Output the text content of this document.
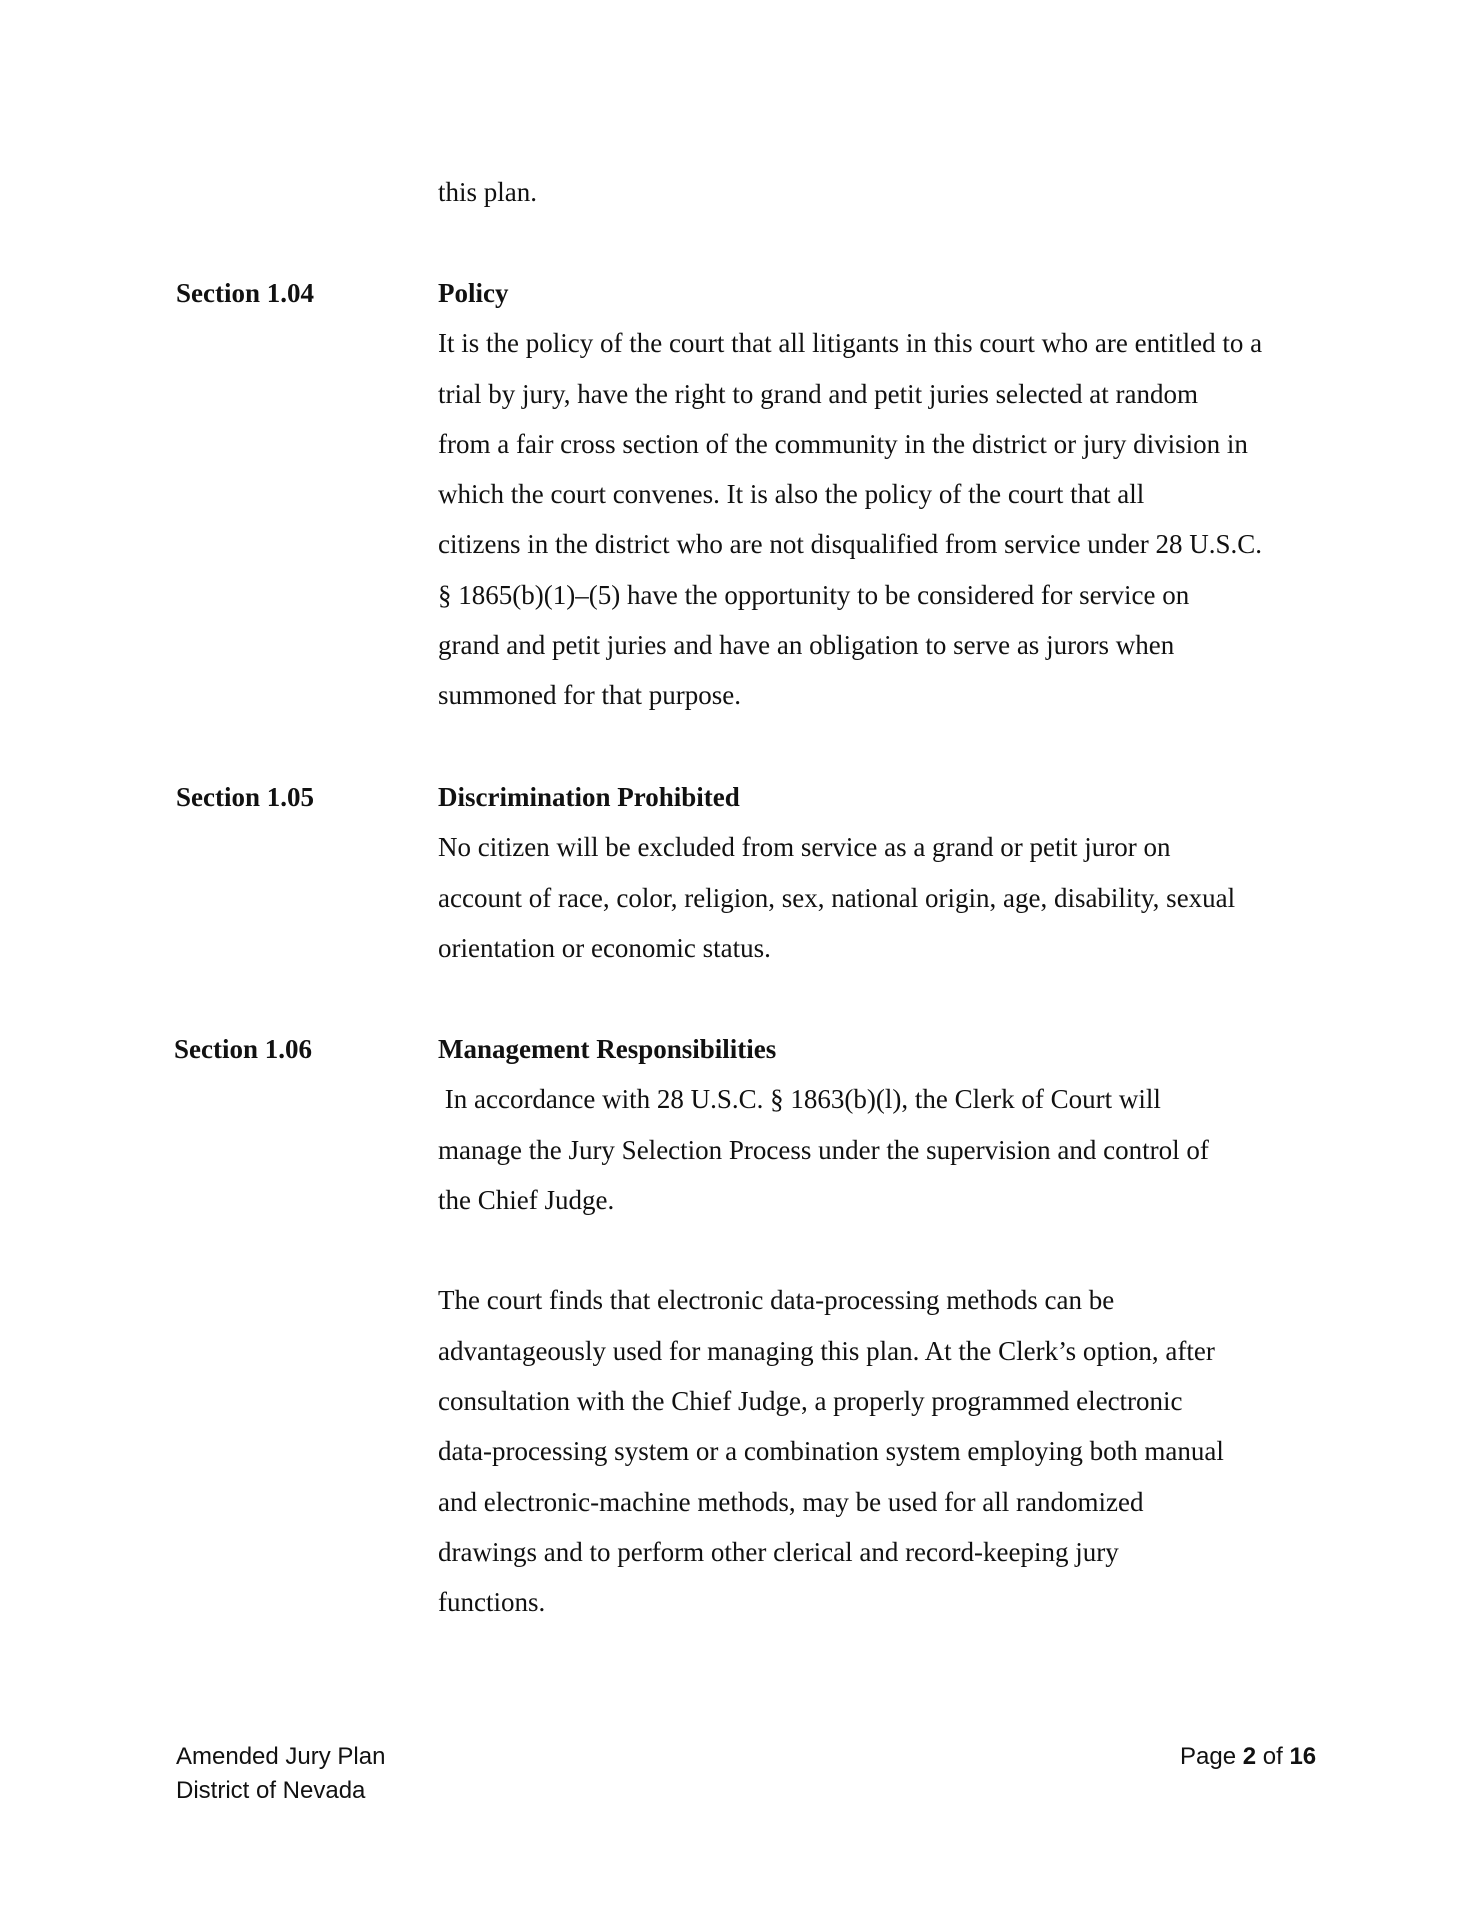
this plan.
Section 1.04	Policy
It is the policy of the court that all litigants in this court who are entitled to a
trial by jury, have the right to grand and petit juries selected at random
from a fair cross section of the community in the district or jury division in
which the court convenes. It is also the policy of the court that all
citizens in the district who are not disqualified from service under 28 U.S.C.
§ 1865(b)(1)–(5) have the opportunity to be considered for service on
grand and petit juries and have an obligation to serve as jurors when
summoned for that purpose.
Section 1.05	Discrimination Prohibited
No citizen will be excluded from service as a grand or petit juror on
account of race, color, religion, sex, national origin, age, disability, sexual
orientation or economic status.
Section 1.06	Management Responsibilities
In accordance with 28 U.S.C. § 1863(b)(l), the Clerk of Court will
manage the Jury Selection Process under the supervision and control of
the Chief Judge.
The court finds that electronic data-processing methods can be
advantageously used for managing this plan. At the Clerk’s option, after
consultation with the Chief Judge, a properly programmed electronic
data-processing system or a combination system employing both manual
and electronic-machine methods, may be used for all randomized
drawings and to perform other clerical and record-keeping jury
functions.
Amended Jury Plan
District of Nevada
Page 2 of 16
